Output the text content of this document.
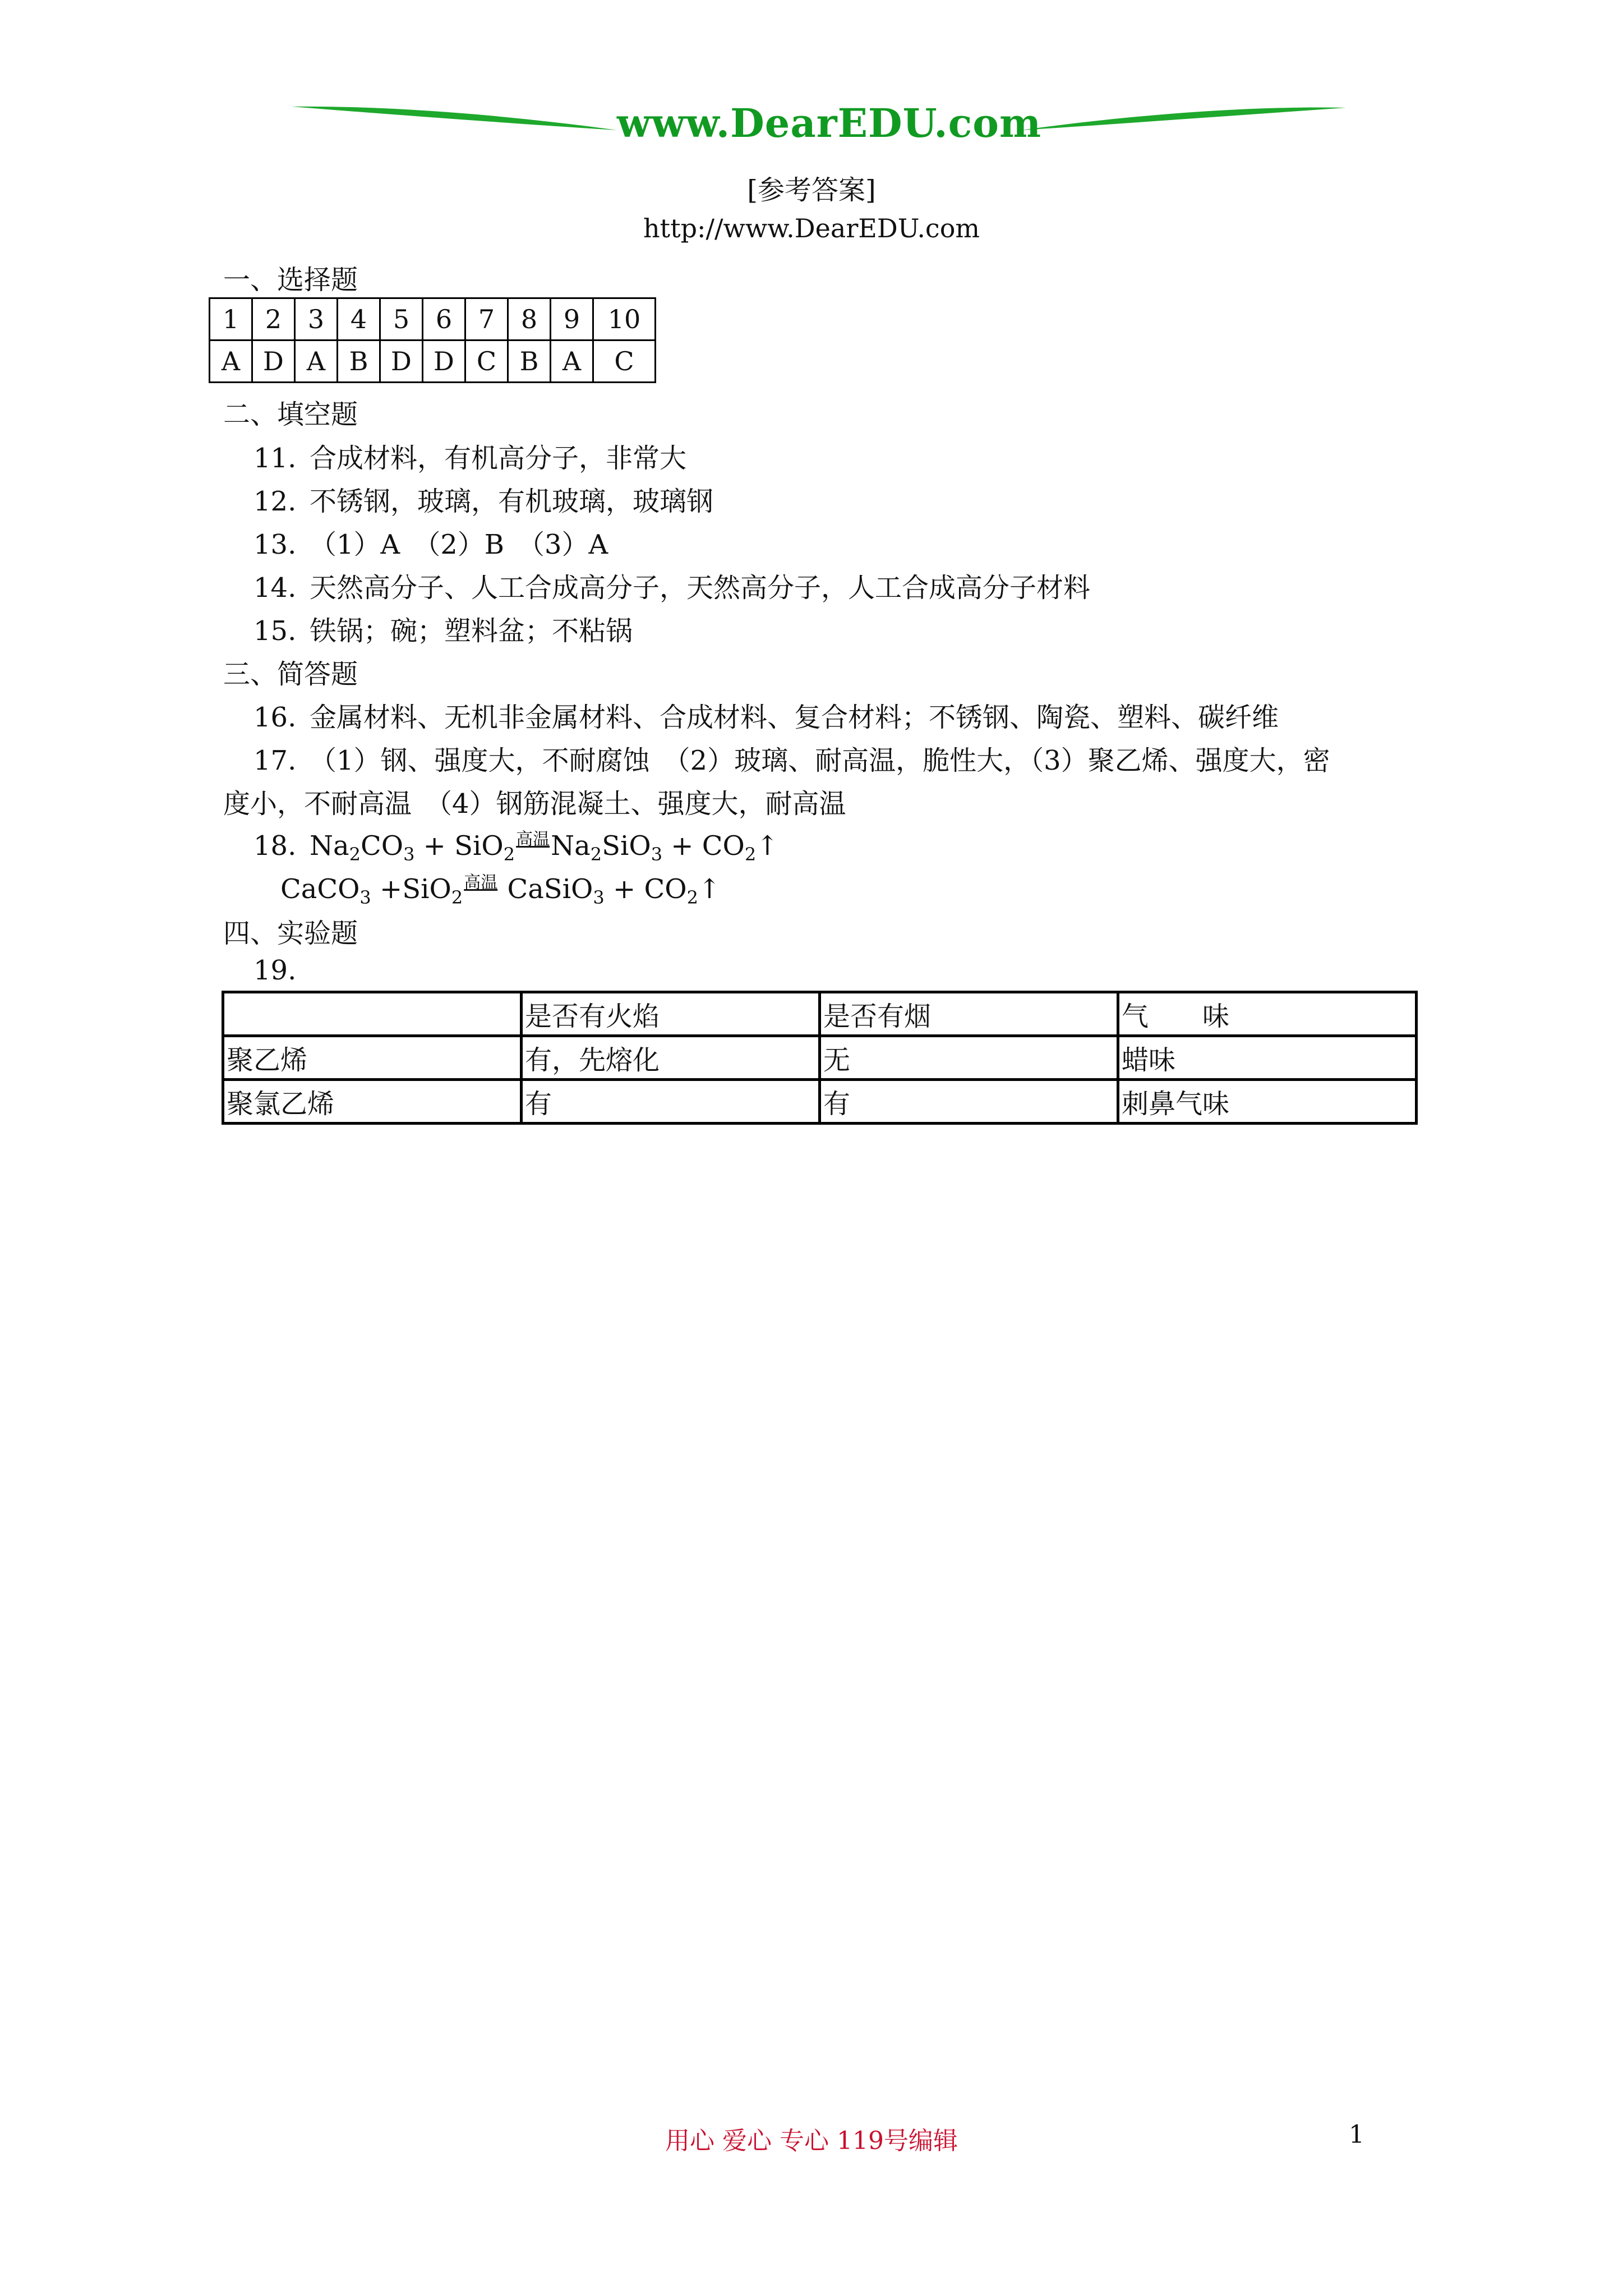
www.DearEDU.com
[参考答案]
http://www.DearEDU.com
一、选择题
1	2	3	4	5	6	7	8	9	10
A	D	A	B	D	D	C	B	A	C
二、填空题
11. 合成材料，有机高分子，非常大
12. 不锈钢，玻璃，有机玻璃，玻璃钢
13. （1）A　（2）B　（3）A
14. 天然高分子、人工合成高分子，天然高分子，人工合成高分子材料
15. 铁锅；碗；塑料盆；不粘锅
三、简答题
16. 金属材料、无机非金属材料、合成材料、复合材料；不锈钢、陶瓷、塑料、碳纤维
17. （1）钢、强度大，不耐腐蚀　（2）玻璃、耐高温，脆性大，（3）聚乙烯、强度大，密
度小，不耐高温　（4）钢筋混凝土、强度大，耐高温
18. $Na_2CO_3 + SiO_2$高温$Na_2SiO_3$ + $CO_2↑$
CaCO$_3$ +SiO$_2$高温 CaSiO$_3$ + $CO_2↑$
四、实验题
19.
	是否有火焰	是否有烟	气　　味
聚乙烯	有，先熔化	无	蜡味
聚氯乙烯	有	有	刺鼻气味
用心 爱心 专心 119号编辑	1
